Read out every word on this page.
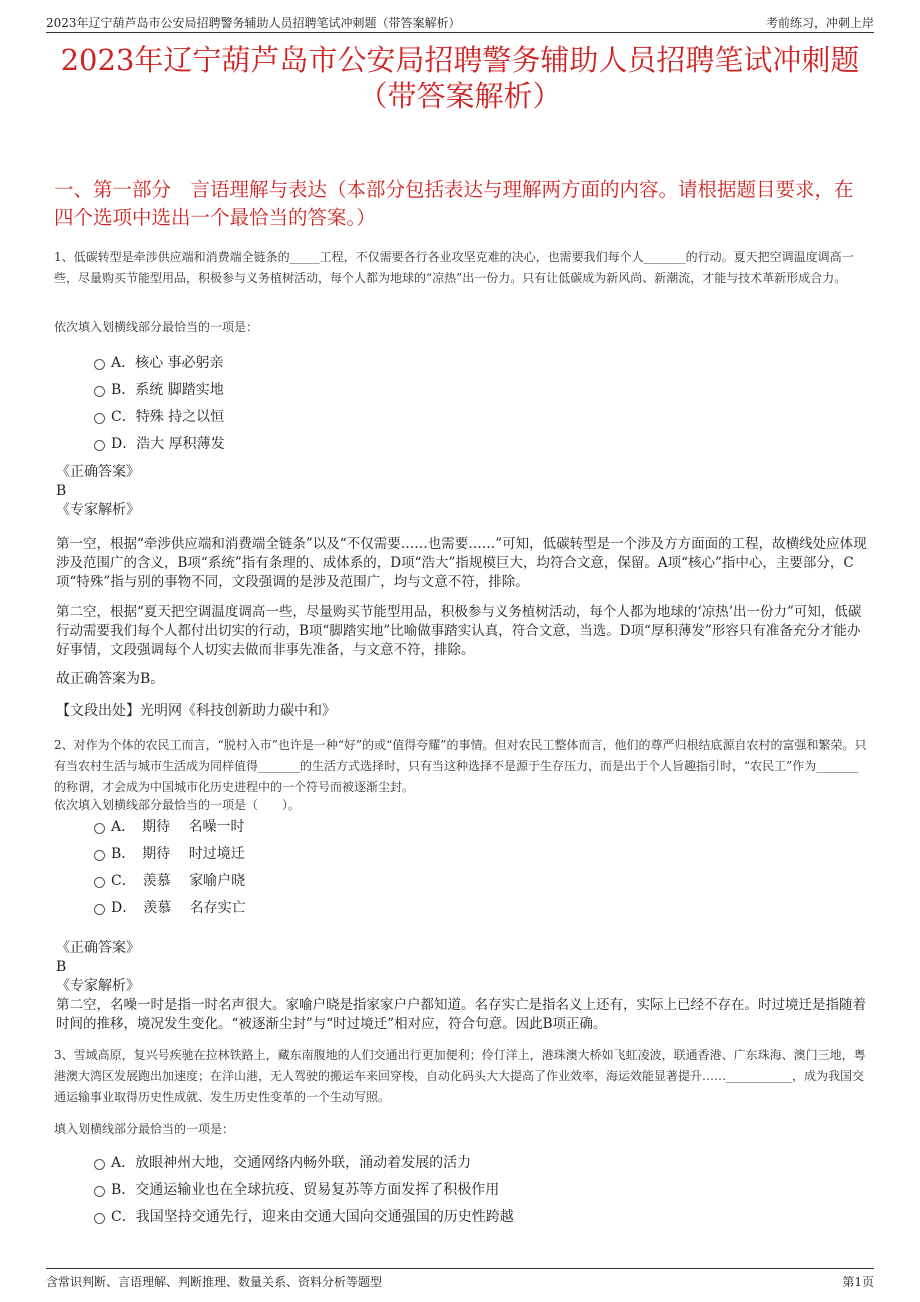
2023年辽宁葫芦岛市公安局招聘警务辅助人员招聘笔试冲刺题（带答案解析）	考前练习，冲刺上岸
2023年辽宁葫芦岛市公安局招聘警务辅助人员招聘笔试冲刺题
（带答案解析）
一、第一部分　言语理解与表达（本部分包括表达与理解两方面的内容。请根据题目要求，在四个选项中选出一个最恰当的答案。）

1、低碳转型是牵涉供应端和消费端全链条的_____工程，不仅需要各行各业攻坚克难的决心，也需要我们每个人_______的行动。夏天把空调温度调高一些，尽量购买节能型用品，积极参与义务植树活动，每个人都为地球的“凉热”出一份力。只有让低碳成为新风尚、新潮流，才能与技术革新形成合力。

依次填入划横线部分最恰当的一项是：
A．核心 事必躬亲
B．系统 脚踏实地
C．特殊 持之以恒
D．浩大 厚积薄发
《正确答案》
B
《专家解析》

第一空，根据“牵涉供应端和消费端全链条”以及“不仅需要……也需要……”可知，低碳转型是一个涉及方方面面的工程，故横线处应体现涉及范围广的含义，B项“系统”指有条理的、成体系的，D项“浩大”指规模巨大，均符合文意，保留。A项“核心”指中心，主要部分，C项“特殊”指与别的事物不同，文段强调的是涉及范围广，均与文意不符，排除。

第二空，根据“夏天把空调温度调高一些，尽量购买节能型用品，积极参与义务植树活动，每个人都为地球的‘凉热’出一份力”可知，低碳行动需要我们每个人都付出切实的行动，B项“脚踏实地”比喻做事踏实认真，符合文意，当选。D项“厚积薄发”形容只有准备充分才能办好事情，文段强调每个人切实去做而非事先准备，与文意不符，排除。

故正确答案为B。
【文段出处】光明网《科技创新助力碳中和》

2、对作为个体的农民工而言，“脱村入市”也许是一种“好”的或“值得夸耀”的事情。但对农民工整体而言，他们的尊严归根结底源自农村的富强和繁荣。只有当农村生活与城市生活成为同样值得_______的生活方式选择时，只有当这种选择不是源于生存压力，而是出于个人旨趣指引时，“农民工”作为_______的称谓，才会成为中国城市化历史进程中的一个符号而被逐渐尘封。

依次填入划横线部分最恰当的一项是（　　）。
A．　期待　 名噪一时
B．　期待　 时过境迁
C．　羡慕　 家喻户晓
D．　羡慕　 名存实亡
《正确答案》
B
《专家解析》

第二空，名噪一时是指一时名声很大。家喻户晓是指家家户户都知道。名存实亡是指名义上还有，实际上已经不存在。时过境迁是指随着时间的推移，境况发生变化。“被逐渐尘封”与“时过境迁”相对应，符合句意。因此B项正确。

3、雪域高原，复兴号疾驰在拉林铁路上，藏东南腹地的人们交通出行更加便利；伶仃洋上，港珠澳大桥如飞虹凌波，联通香港、广东珠海、澳门三地，粤港澳大湾区发展跑出加速度；在洋山港，无人驾驶的搬运车来回穿梭，自动化码头大大提高了作业效率，海运效能显著提升……___________，成为我国交通运输事业取得历史性成就、发生历史性变革的一个生动写照。

填入划横线部分最恰当的一项是：
A．放眼神州大地，交通网络内畅外联，涌动着发展的活力
B．交通运输业也在全球抗疫、贸易复苏等方面发挥了积极作用
C．我国坚持交通先行，迎来由交通大国向交通强国的历史性跨越
含常识判断、言语理解、判断推理、数量关系、资料分析等题型	第1页
